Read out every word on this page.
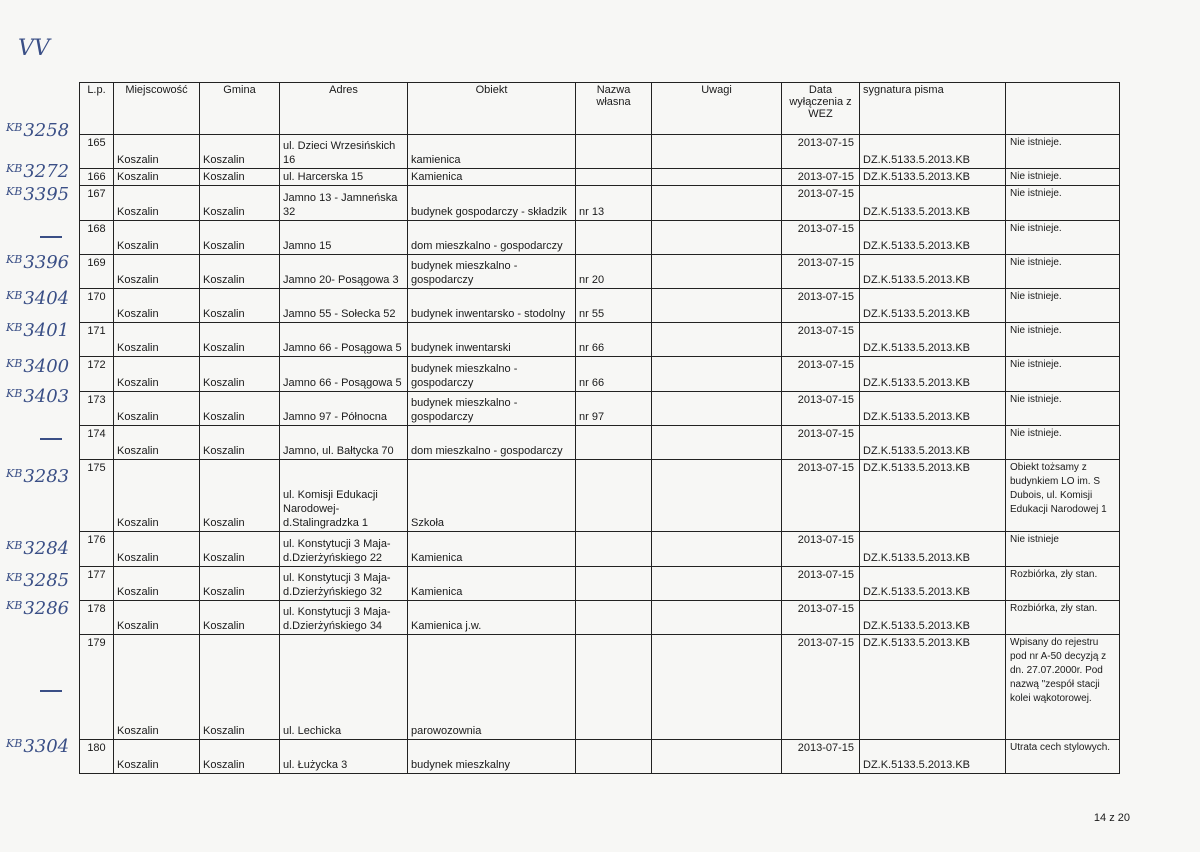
VV
$^{KB}$3258
$^{KB}$3272
$^{KB}$3395
$^{KB}$3396
$^{KB}$3404
$^{KB}$3401
$^{KB}$3400
$^{KB}$3403
$^{KB}$3283
$^{KB}$3284
$^{KB}$3285
$^{KB}$3286
$^{KB}$3304
L.p.	Miejscowość	Gmina	Adres	Obiekt	Nazwa własna	Uwagi	Data wyłączenia z WEZ	sygnatura pisma	
165	Koszalin	Koszalin	ul. Dzieci Wrzesińskich 16	kamienica			2013-07-15	DZ.K.5133.5.2013.KB	Nie istnieje.
166	Koszalin	Koszalin	ul. Harcerska 15	Kamienica			2013-07-15	DZ.K.5133.5.2013.KB	Nie istnieje.
167	Koszalin	Koszalin	Jamno 13 - Jamneńska 32	budynek gospodarczy - składzik	nr 13		2013-07-15	DZ.K.5133.5.2013.KB	Nie istnieje.
168	Koszalin	Koszalin	Jamno 15	dom mieszkalno - gospodarczy			2013-07-15	DZ.K.5133.5.2013.KB	Nie istnieje.
169	Koszalin	Koszalin	Jamno 20- Posągowa 3	budynek mieszkalno - gospodarczy	nr 20		2013-07-15	DZ.K.5133.5.2013.KB	Nie istnieje.
170	Koszalin	Koszalin	Jamno 55 - Sołecka 52	budynek inwentarsko - stodolny	nr 55		2013-07-15	DZ.K.5133.5.2013.KB	Nie istnieje.
171	Koszalin	Koszalin	Jamno 66 - Posągowa 5	budynek inwentarski	nr 66		2013-07-15	DZ.K.5133.5.2013.KB	Nie istnieje.
172	Koszalin	Koszalin	Jamno 66 - Posągowa 5	budynek mieszkalno - gospodarczy	nr 66		2013-07-15	DZ.K.5133.5.2013.KB	Nie istnieje.
173	Koszalin	Koszalin	Jamno 97 - Północna	budynek mieszkalno - gospodarczy	nr 97		2013-07-15	DZ.K.5133.5.2013.KB	Nie istnieje.
174	Koszalin	Koszalin	Jamno, ul. Bałtycka 70	dom mieszkalno - gospodarczy			2013-07-15	DZ.K.5133.5.2013.KB	Nie istnieje.
175	Koszalin	Koszalin	ul. Komisji Edukacji Narodowej- d.Stalingradzka 1	Szkoła			2013-07-15	DZ.K.5133.5.2013.KB	Obiekt tożsamy z budynkiem LO im. S Dubois, ul. Komisji Edukacji Narodowej 1
176	Koszalin	Koszalin	ul. Konstytucji 3 Maja- d.Dzierżyńskiego 22	Kamienica			2013-07-15	DZ.K.5133.5.2013.KB	Nie istnieje
177	Koszalin	Koszalin	ul. Konstytucji 3 Maja- d.Dzierżyńskiego 32	Kamienica			2013-07-15	DZ.K.5133.5.2013.KB	Rozbiórka, zły stan.
178	Koszalin	Koszalin	ul. Konstytucji 3 Maja- d.Dzierżyńskiego 34	Kamienica j.w.			2013-07-15	DZ.K.5133.5.2013.KB	Rozbiórka, zły stan.
179	Koszalin	Koszalin	ul. Lechicka	parowozownia			2013-07-15	DZ.K.5133.5.2013.KB	Wpisany do rejestru pod nr A-50 decyzją z dn. 27.07.2000r. Pod nazwą "zespół stacji kolei wąkotorowej.
180	Koszalin	Koszalin	ul. Łużycka 3	budynek mieszkalny			2013-07-15	DZ.K.5133.5.2013.KB	Utrata cech stylowych.
14 z 20
